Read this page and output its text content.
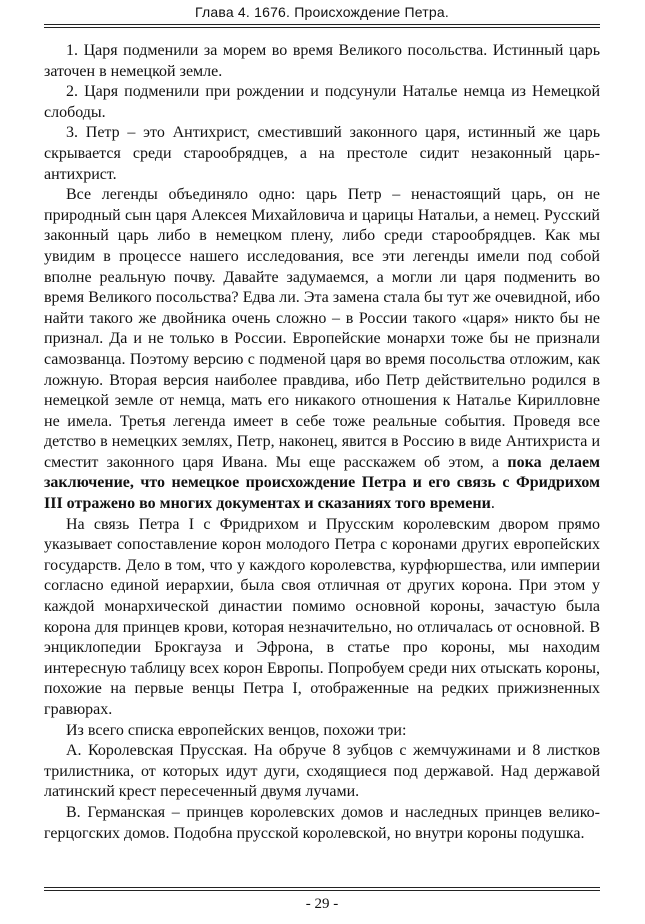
Глава 4. 1676. Происхождение Петра.

1. Царя подменили за морем во время Великого посольства. Истинный царь заточен в немецкой земле.

2. Царя подменили при рождении и подсунули Наталье немца из Немецкой слободы.

3. Петр – это Антихрист, сместивший законного царя, истинный же царь скрывается среди старообрядцев, а на престоле сидит незаконный царь-антихрист.

Все легенды объединяло одно: царь Петр – ненастоящий царь, он не природный сын царя Алексея Михайловича и царицы Натальи, а немец. Русский законный царь либо в немецком плену, либо среди старообрядцев. Как мы увидим в процессе нашего исследования, все эти легенды имели под собой вполне реальную почву. Давайте задумаемся, а могли ли царя подменить во время Великого посольства? Едва ли. Эта замена стала бы тут же очевидной, ибо найти такого же двойника очень сложно – в России такого «царя» никто бы не признал. Да и не только в России. Европейские монархи тоже бы не признали самозванца. Поэтому версию с подменой царя во время посольства отложим, как ложную. Вторая версия наиболее правдива, ибо Петр действительно родился в немецкой земле от немца, мать его никакого отношения к Наталье Кирилловне не имела. Третья легенда имеет в себе тоже реальные события. Проведя все детство в немецких землях, Петр, наконец, явится в Россию в виде Антихриста и сместит законного царя Ивана. Мы еще расскажем об этом, а пока делаем заключение, что немецкое происхождение Петра и его связь с Фридрихом III отражено во многих документах и сказаниях того времени.

На связь Петра I с Фридрихом и Прусским королевским двором прямо указывает сопоставление корон молодого Петра с коронами других европейских государств. Дело в том, что у каждого королевства, курфюршества, или империи согласно единой иерархии, была своя отличная от других корона. При этом у каждой монархической династии помимо основной короны, зачастую была корона для принцев крови, которая незначительно, но отличалась от основной. В энциклопедии Брокгауза и Эфрона, в статье про короны, мы находим интересную таблицу всех корон Европы. Попробуем среди них отыскать короны, похожие на первые венцы Петра I, отображенные на редких прижизненных гравюрах.

Из всего списка европейских венцов, похожи три:

А. Королевская Прусская. На обруче 8 зубцов с жемчужинами и 8 листков трилистника, от которых идут дуги, сходящиеся под державой. Над державой латинский крест пересеченный двумя лучами.

В. Германская – принцев королевских домов и наследных принцев велико-герцогских домов. Подобна прусской королевской, но внутри короны подушка.

- 29 -
